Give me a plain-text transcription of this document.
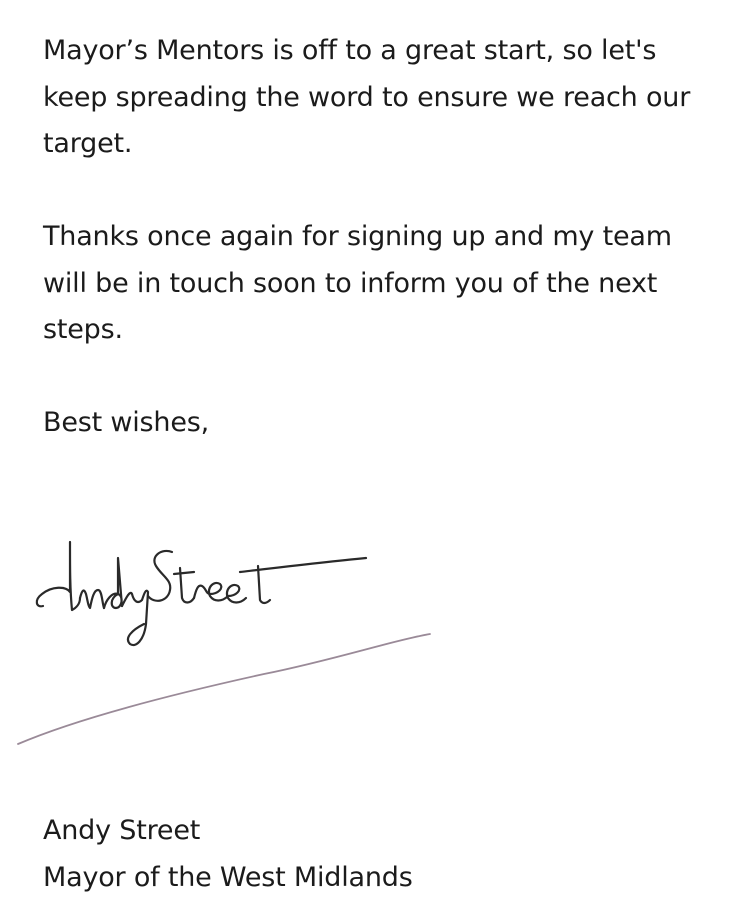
Mayor’s Mentors is off to a great start, so let's
keep spreading the word to ensure we reach our
target.

Thanks once again for signing up and my team
will be in touch soon to inform you of the next
steps.

Best wishes,

Andy Street
Mayor of the West Midlands
